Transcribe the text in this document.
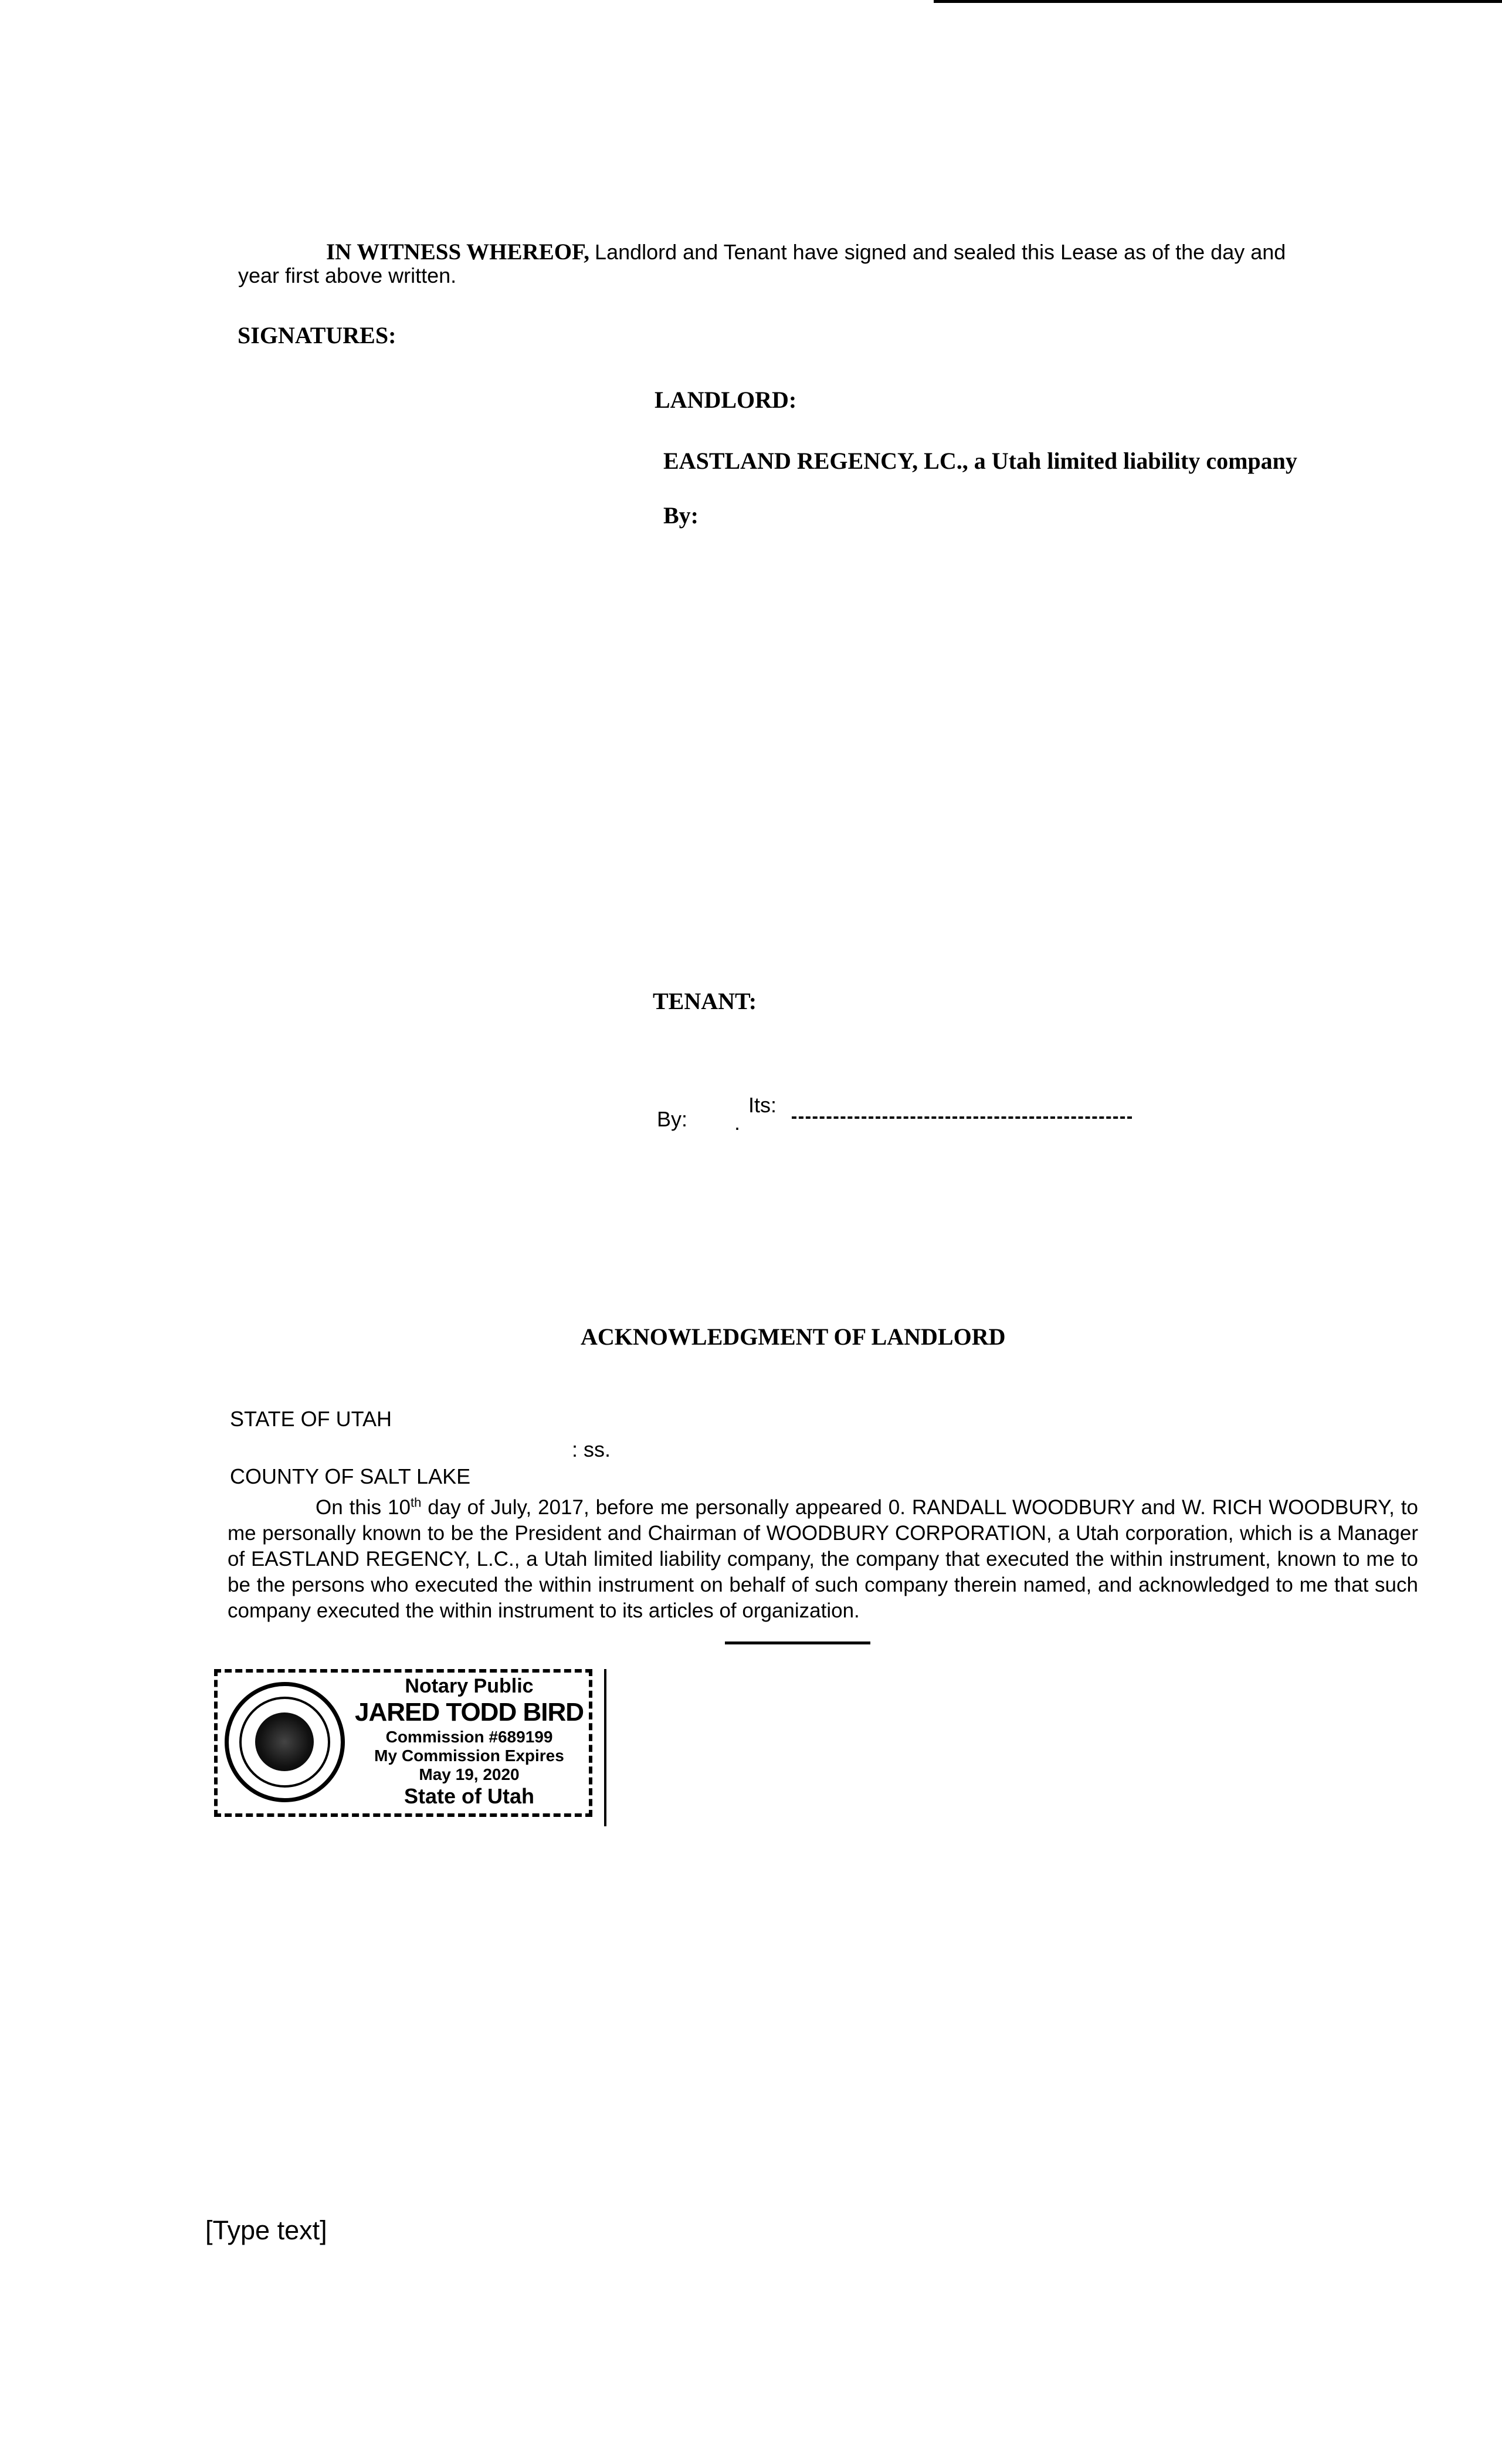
IN WITNESS WHEREOF, Landlord and Tenant have signed and sealed this Lease as of the day and year first above written.
SIGNATURES:
LANDLORD:
EASTLAND REGENCY, LC., a Utah limited liability company
By:
TENANT:
By: .
Its:
ACKNOWLEDGMENT OF LANDLORD
STATE OF UTAH
: ss.
COUNTY OF SALT LAKE
On this 10th day of July, 2017, before me personally appeared 0. RANDALL WOODBURY and W. RICH WOODBURY, to me personally known to be the President and Chairman of WOODBURY CORPORATION, a Utah corporation, which is a Manager of EASTLAND REGENCY, L.C., a Utah limited liability company, the company that executed the within instrument, known to me to be the persons who executed the within instrument on behalf of such company therein named, and acknowledged to me that such company executed the within instrument to its articles of organization.
Notary Public
JARED TODD BIRD
Commission #689199
My Commission Expires
May 19, 2020
State of Utah
[Type text]
